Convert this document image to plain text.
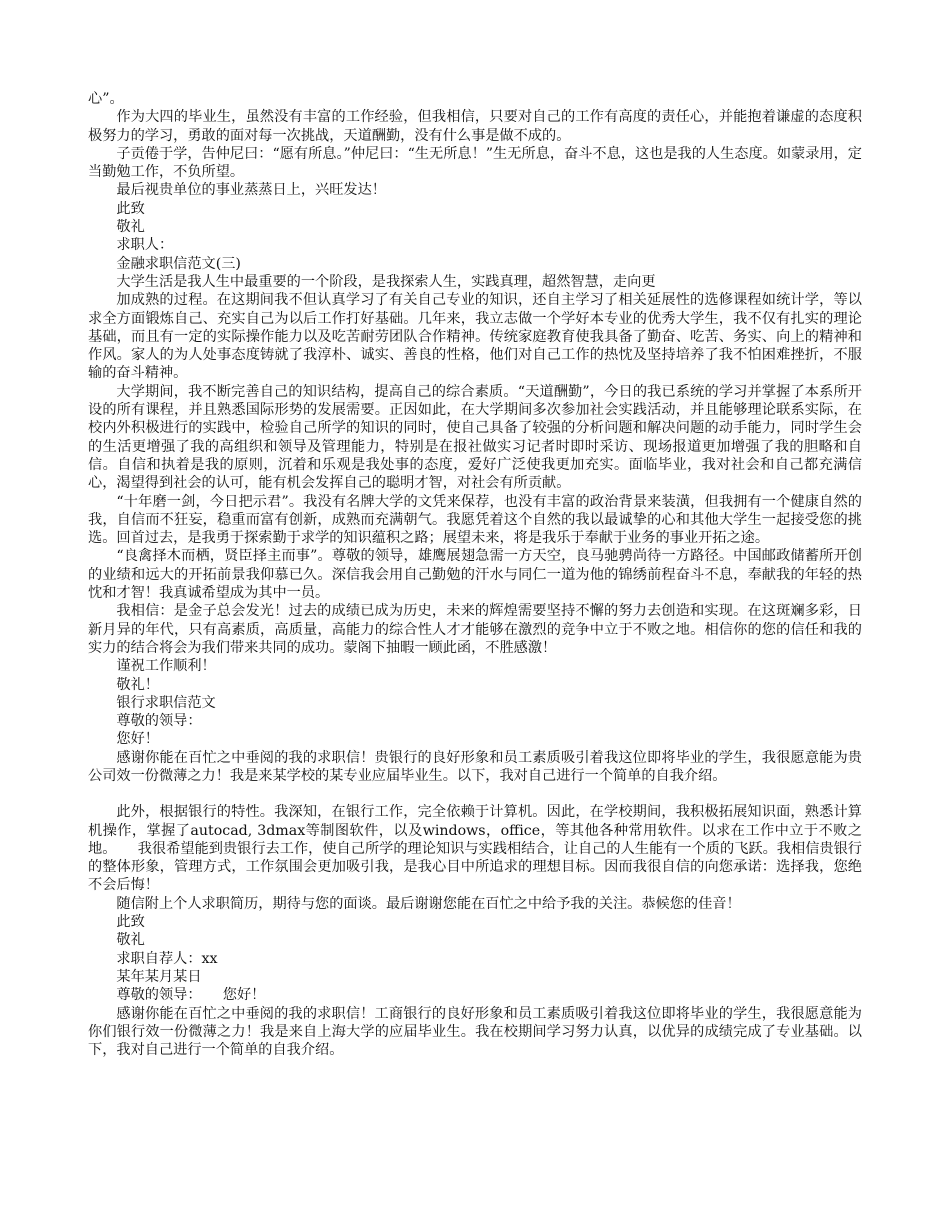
心”。

作为大四的毕业生，虽然没有丰富的工作经验，但我相信，只要对自己的工作有高度的责任心，并能抱着谦虚的态度积极努力的学习，勇敢的面对每一次挑战，天道酬勤，没有什么事是做不成的。

子贡倦于学，告仲尼曰：“愿有所息。”仲尼曰：“生无所息！”生无所息，奋斗不息，这也是我的人生态度。如蒙录用，定当勤勉工作，不负所望。

最后视贵单位的事业蒸蒸日上，兴旺发达！

此致

敬礼

求职人：

金融求职信范文(三)

大学生活是我人生中最重要的一个阶段，是我探索人生，实践真理，超然智慧，走向更

加成熟的过程。在这期间我不但认真学习了有关自己专业的知识，还自主学习了相关延展性的选修课程如统计学，等以求全方面锻炼自己、充实自己为以后工作打好基础。几年来，我立志做一个学好本专业的优秀大学生，我不仅有扎实的理论基础，而且有一定的实际操作能力以及吃苦耐劳团队合作精神。传统家庭教育使我具备了勤奋、吃苦、务实、向上的精神和作风。家人的为人处事态度铸就了我淳朴、诚实、善良的性格，他们对自己工作的热忱及坚持培养了我不怕困难挫折，不服输的奋斗精神。

大学期间，我不断完善自己的知识结构，提高自己的综合素质。“天道酬勤”，今日的我已系统的学习并掌握了本系所开设的所有课程，并且熟悉国际形势的发展需要。正因如此，在大学期间多次参加社会实践活动，并且能够理论联系实际，在校内外积极进行的实践中，检验自己所学的知识的同时，使自己具备了较强的分析问题和解决问题的动手能力，同时学生会的生活更增强了我的高组织和领导及管理能力，特别是在报社做实习记者时即时采访、现场报道更加增强了我的胆略和自信。自信和执着是我的原则，沉着和乐观是我处事的态度，爱好广泛使我更加充实。面临毕业，我对社会和自己都充满信心，渴望得到社会的认可，能有机会发挥自己的聪明才智，对社会有所贡献。

“十年磨一剑，今日把示君”。我没有名牌大学的文凭来保荐，也没有丰富的政治背景来装潢，但我拥有一个健康自然的我，自信而不狂妄，稳重而富有创新，成熟而充满朝气。我愿凭着这个自然的我以最诚挚的心和其他大学生一起接受您的挑选。回首过去，是我勇于探索勤于求学的知识蕴积之路；展望未来，将是我乐于奉献于业务的事业开拓之途。

“良禽择木而栖，贤臣择主而事”。尊敬的领导，雄鹰展翅急需一方天空，良马驰骋尚待一方路径。中国邮政储蓄所开创的业绩和远大的开拓前景我仰慕已久。深信我会用自己勤勉的汗水与同仁一道为他的锦绣前程奋斗不息，奉献我的年轻的热忱和才智！我真诚希望成为其中一员。

我相信：是金子总会发光！过去的成绩已成为历史，未来的辉煌需要坚持不懈的努力去创造和实现。在这斑斓多彩，日新月异的年代，只有高素质，高质量，高能力的综合性人才才能够在激烈的竞争中立于不败之地。相信你的您的信任和我的实力的结合将会为我们带来共同的成功。蒙阁下抽暇一顾此函，不胜感激！

谨祝工作顺利！

敬礼！

银行求职信范文

尊敬的领导：

您好！

感谢你能在百忙之中垂阅的我的求职信！贵银行的良好形象和员工素质吸引着我这位即将毕业的学生，我很愿意能为贵公司效一份微薄之力！我是来某学校的某专业应届毕业生。以下，我对自己进行一个简单的自我介绍。

此外，根据银行的特性。我深知，在银行工作，完全依赖于计算机。因此，在学校期间，我积极拓展知识面，熟悉计算机操作，掌握了autocad, 3dmax等制图软件，以及windows，office，等其他各种常用软件。以求在工作中立于不败之地。　　我很希望能到贵银行去工作，使自己所学的理论知识与实践相结合，让自己的人生能有一个质的飞跃。我相信贵银行的整体形象，管理方式，工作氛围会更加吸引我，是我心目中所追求的理想目标。因而我很自信的向您承诺：选择我，您绝不会后悔！

随信附上个人求职简历，期待与您的面谈。最后谢谢您能在百忙之中给予我的关注。恭候您的佳音！

此致

敬礼

求职自荐人：xx

某年某月某日

尊敬的领导：　　您好！

感谢你能在百忙之中垂阅的我的求职信！工商银行的良好形象和员工素质吸引着我这位即将毕业的学生，我很愿意能为你们银行效一份微薄之力！我是来自上海大学的应届毕业生。我在校期间学习努力认真，以优异的成绩完成了专业基础。以下，我对自己进行一个简单的自我介绍。
